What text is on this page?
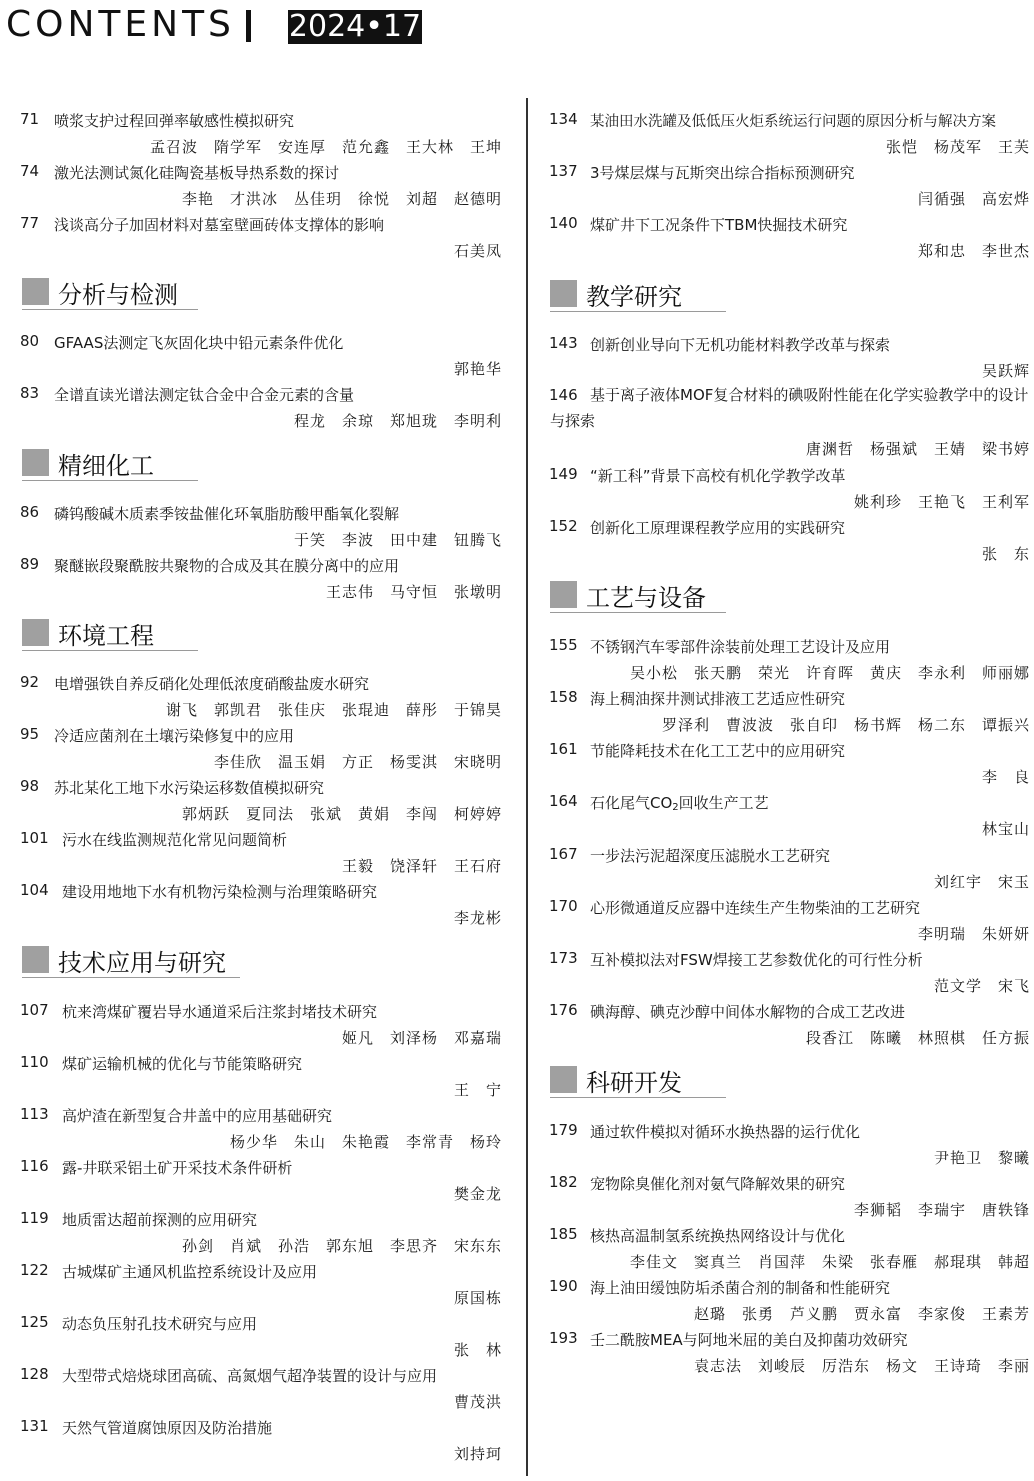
CONTENTS 2024•17
71 喷浆支护过程回弹率敏感性模拟研究
孟召波　隋学军　安连厚　范允鑫　王大林　王坤
74 激光法测试氮化硅陶瓷基板导热系数的探讨
李艳　才洪冰　丛佳玥　徐悦　刘超　赵德明
77 浅谈高分子加固材料对墓室壁画砖体支撑体的影响
石美凤
分析与检测
80 GFAAS法测定飞灰固化块中铅元素条件优化
郭艳华
83 全谱直读光谱法测定钛合金中合金元素的含量
程龙　余琼　郑旭珑　李明利
精细化工
86 磷钨酸碱木质素季铵盐催化环氧脂肪酸甲酯氧化裂解
于笑　李波　田中建　钮腾飞
89 聚醚嵌段聚酰胺共聚物的合成及其在膜分离中的应用
王志伟　马守恒　张墩明
环境工程
92 电增强铁自养反硝化处理低浓度硝酸盐废水研究
谢飞　郭凯君　张佳庆　张琨迪　薛彤　于锦昊
95 冷适应菌剂在土壤污染修复中的应用
李佳欣　温玉娟　方正　杨雯淇　宋晓明
98 苏北某化工地下水污染运移数值模拟研究
郭炳跃　夏同法　张斌　黄娟　李闯　柯婷婷
101 污水在线监测规范化常见问题简析
王毅　饶泽轩　王石府
104 建设用地地下水有机物污染检测与治理策略研究
李龙彬
技术应用与研究
107 杭来湾煤矿覆岩导水通道采后注浆封堵技术研究
姬凡　刘泽杨　邓嘉瑞
110 煤矿运输机械的优化与节能策略研究
王　宁
113 高炉渣在新型复合井盖中的应用基础研究
杨少华　朱山　朱艳霞　李常青　杨玲
116 露-井联采铝土矿开采技术条件研析
樊金龙
119 地质雷达超前探测的应用研究
孙剑　肖斌　孙浩　郭东旭　李思齐　宋东东
122 古城煤矿主通风机监控系统设计及应用
原国栋
125 动态负压射孔技术研究与应用
张　林
128 大型带式焙烧球团高硫、高氮烟气超净装置的设计与应用
曹茂洪
131 天然气管道腐蚀原因及防治措施
刘持珂
134 某油田水洗罐及低低压火炬系统运行问题的原因分析与解决方案
张恺　杨茂军　王芙
137 3号煤层煤与瓦斯突出综合指标预测研究
闫循强　高宏烨
140 煤矿井下工况条件下TBM快掘技术研究
郑和忠　李世杰
教学研究
143 创新创业导向下无机功能材料教学改革与探索
吴跃辉
146 基于离子液体MOF复合材料的碘吸附性能在化学实验教学中的设计与探索
唐渊哲　杨强斌　王婧　梁书婷
149 “新工科”背景下高校有机化学教学改革
姚利珍　王艳飞　王利军
152 创新化工原理课程教学应用的实践研究
张　东
工艺与设备
155 不锈钢汽车零部件涂装前处理工艺设计及应用
吴小松　张天鹏　荣光　许育晖　黄庆　李永利　师丽娜
158 海上稠油探井测试排液工艺适应性研究
罗泽利　曹波波　张自印　杨书辉　杨二东　谭振兴
161 节能降耗技术在化工工艺中的应用研究
李　良
164 石化尾气$CO_2$回收生产工艺
林宝山
167 一步法污泥超深度压滤脱水工艺研究
刘红宇　宋玉
170 心形微通道反应器中连续生产生物柴油的工艺研究
李明瑞　朱妍妍
173 互补模拟法对FSW焊接工艺参数优化的可行性分析
范文学　宋飞
176 碘海醇、碘克沙醇中间体水解物的合成工艺改进
段香江　陈曦　林照棋　任方振
科研开发
179 通过软件模拟对循环水换热器的运行优化
尹艳卫　黎曦
182 宠物除臭催化剂对氨气降解效果的研究
李狮韬　李瑞宇　唐轶锋
185 核热高温制氢系统换热网络设计与优化
李佳文　窦真兰　肖国萍　朱梁　张春雁　郝琨琪　韩超
190 海上油田缓蚀防垢杀菌合剂的制备和性能研究
赵璐　张勇　芦义鹏　贾永富　李家俊　王素芳
193 壬二酰胺MEA与阿地米屈的美白及抑菌功效研究
袁志法　刘峻辰　厉浩东　杨文　王诗琦　李丽
